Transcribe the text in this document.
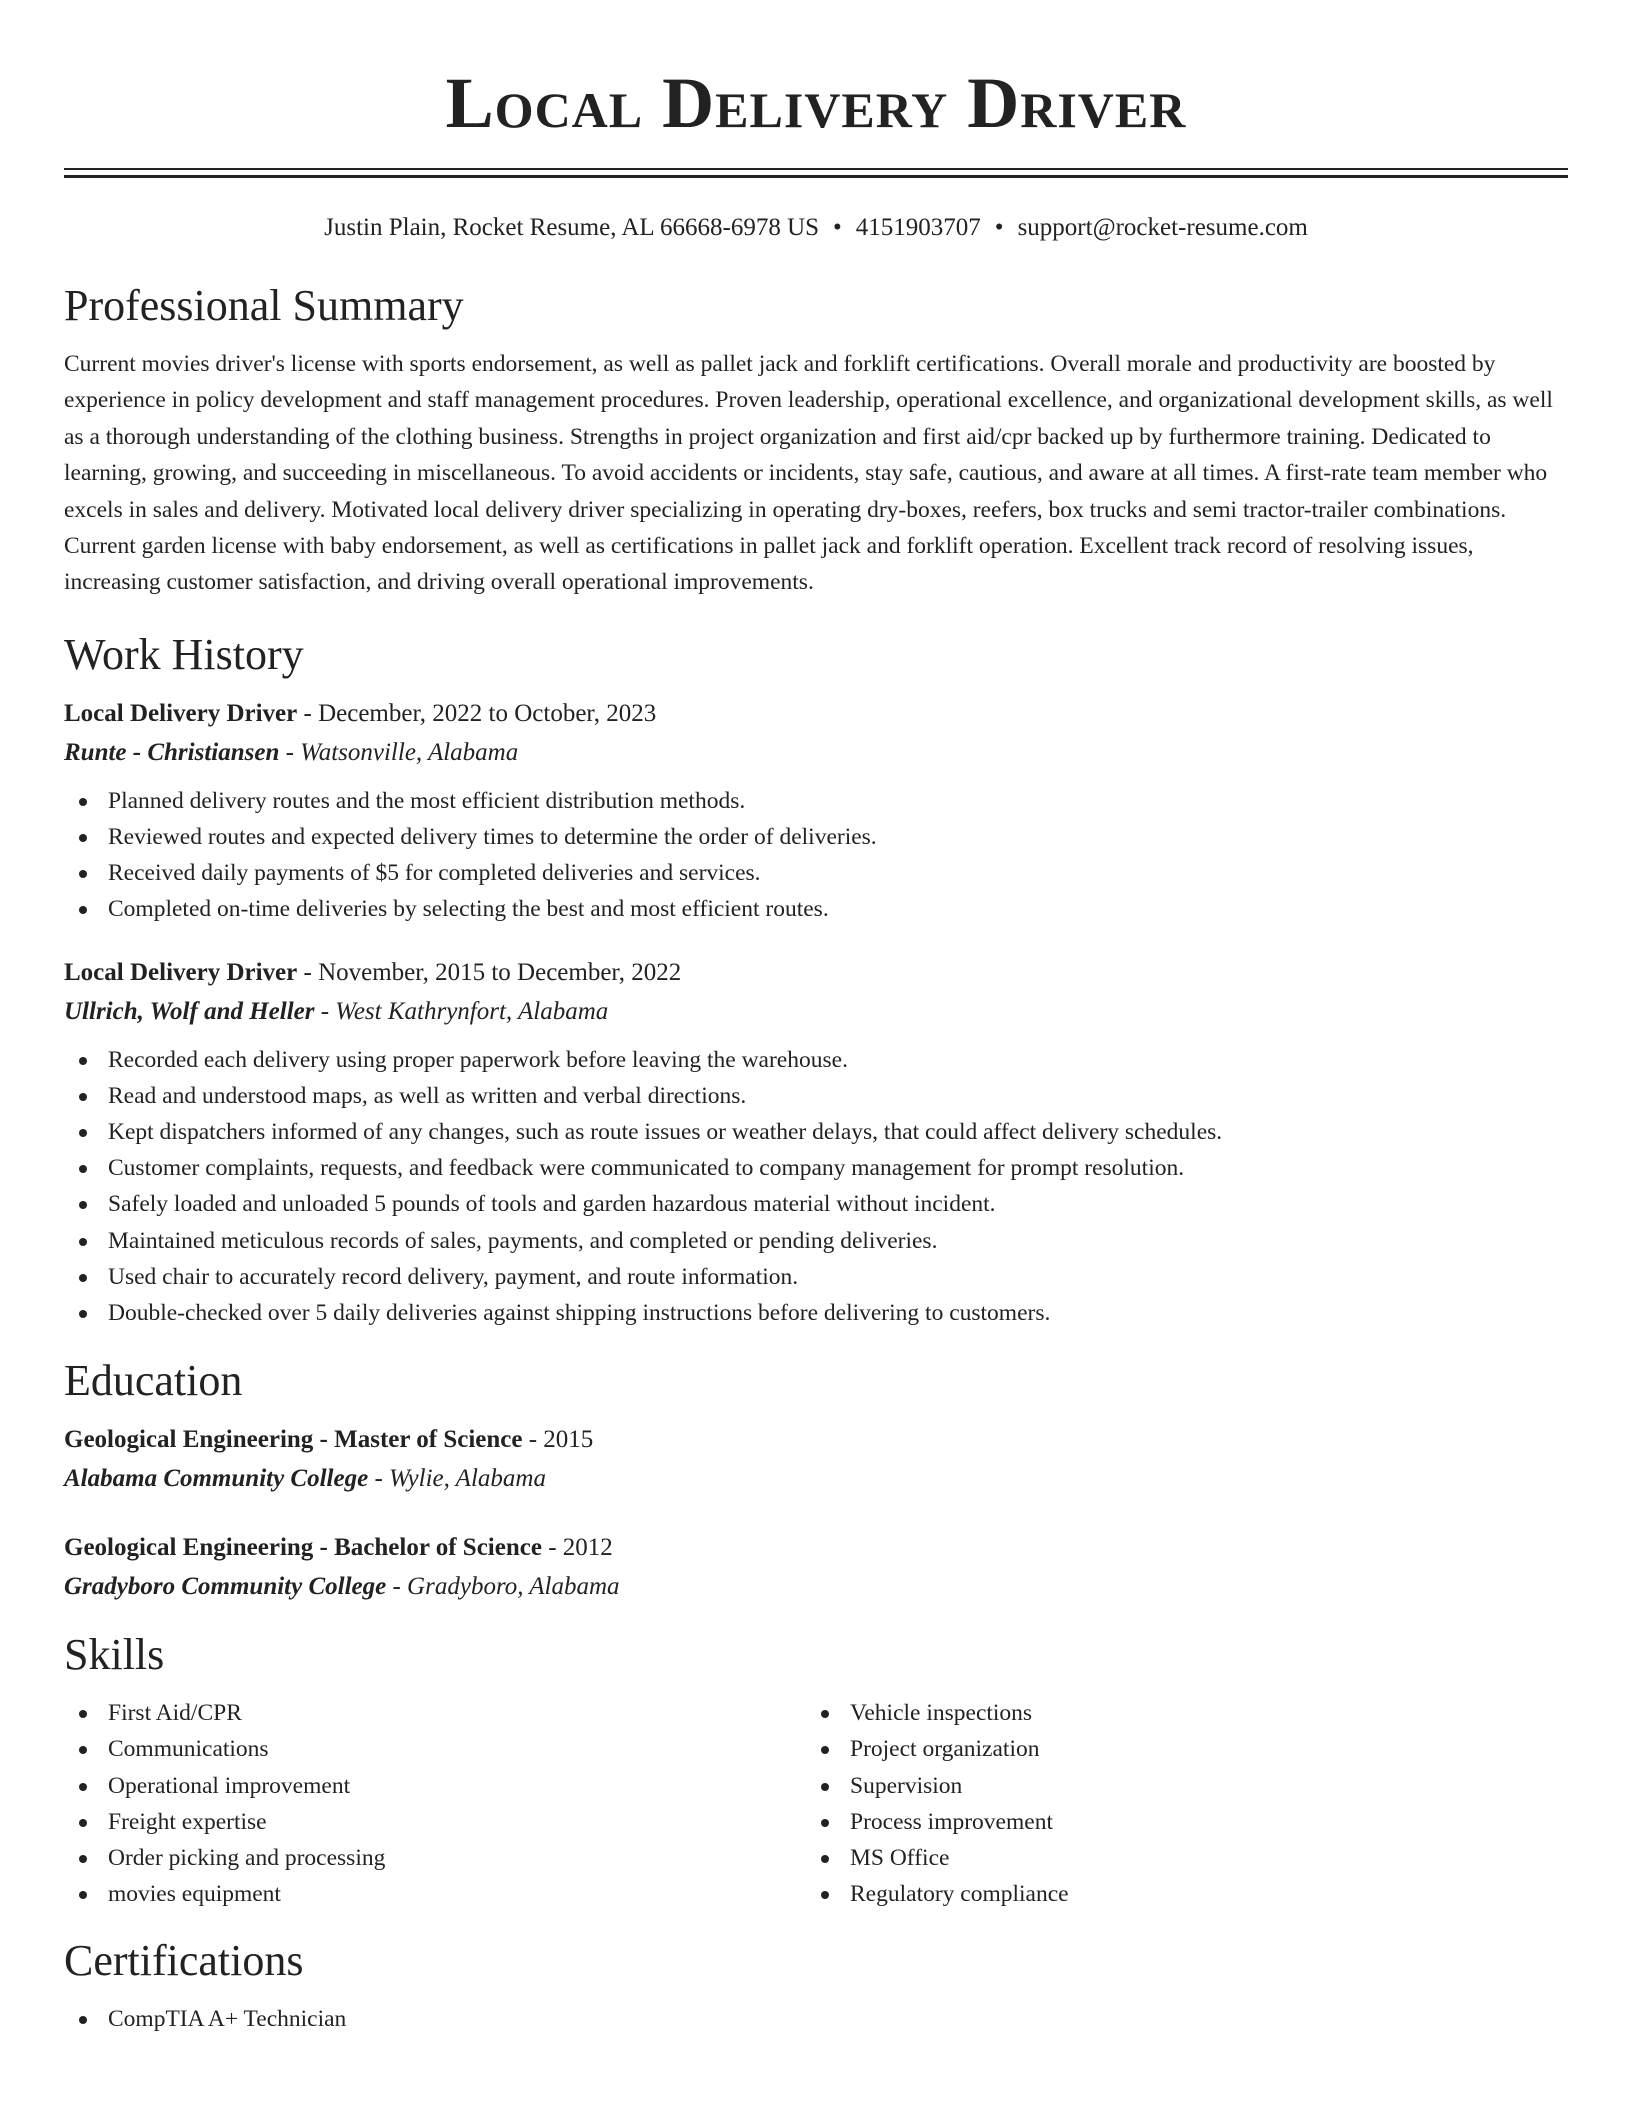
Local Delivery Driver
Justin Plain, Rocket Resume, AL 66668-6978 US • 4151903707 • support@rocket-resume.com
Professional Summary

Current movies driver's license with sports endorsement, as well as pallet jack and forklift certifications. Overall morale and productivity are boosted by experience in policy development and staff management procedures. Proven leadership, operational excellence, and organizational development skills, as well as a thorough understanding of the clothing business. Strengths in project organization and first aid/cpr backed up by furthermore training. Dedicated to learning, growing, and succeeding in miscellaneous. To avoid accidents or incidents, stay safe, cautious, and aware at all times. A first-rate team member who excels in sales and delivery. Motivated local delivery driver specializing in operating dry-boxes, reefers, box trucks and semi tractor-trailer combinations. Current garden license with baby endorsement, as well as certifications in pallet jack and forklift operation. Excellent track record of resolving issues, increasing customer satisfaction, and driving overall operational improvements.

Work History
Local Delivery Driver - December, 2022 to October, 2023
Runte - Christiansen - Watsonville, Alabama
Planned delivery routes and the most efficient distribution methods.
Reviewed routes and expected delivery times to determine the order of deliveries.
Received daily payments of $5 for completed deliveries and services.
Completed on-time deliveries by selecting the best and most efficient routes.
Local Delivery Driver - November, 2015 to December, 2022
Ullrich, Wolf and Heller - West Kathrynfort, Alabama
Recorded each delivery using proper paperwork before leaving the warehouse.
Read and understood maps, as well as written and verbal directions.
Kept dispatchers informed of any changes, such as route issues or weather delays, that could affect delivery schedules.
Customer complaints, requests, and feedback were communicated to company management for prompt resolution.
Safely loaded and unloaded 5 pounds of tools and garden hazardous material without incident.
Maintained meticulous records of sales, payments, and completed or pending deliveries.
Used chair to accurately record delivery, payment, and route information.
Double-checked over 5 daily deliveries against shipping instructions before delivering to customers.
Education
Geological Engineering - Master of Science - 2015
Alabama Community College - Wylie, Alabama
Geological Engineering - Bachelor of Science - 2012
Gradyboro Community College - Gradyboro, Alabama
Skills
First Aid/CPR
Communications
Operational improvement
Freight expertise
Order picking and processing
movies equipment
Vehicle inspections
Project organization
Supervision
Process improvement
MS Office
Regulatory compliance
Certifications
CompTIA A+ Technician
